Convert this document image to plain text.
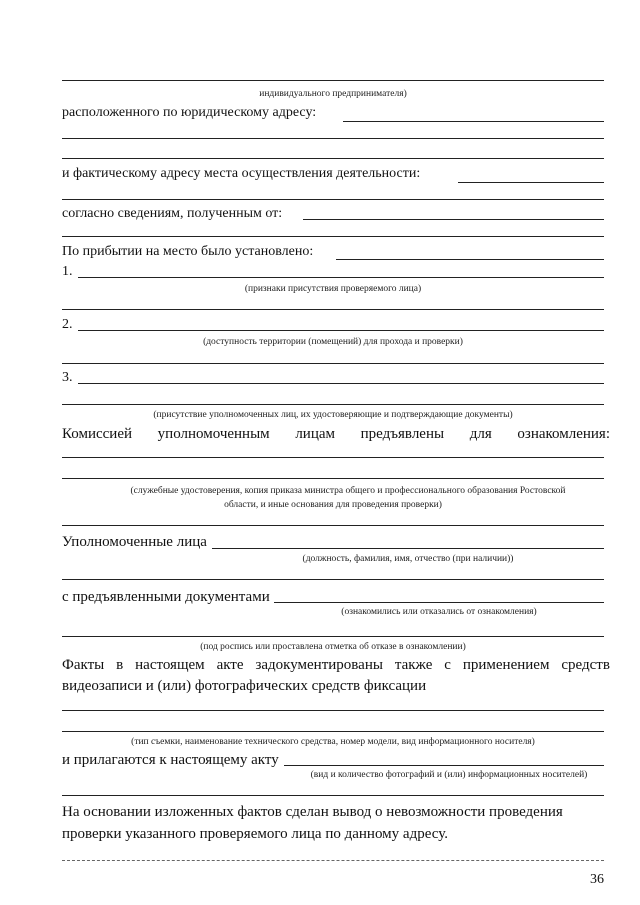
индивидуального предпринимателя)
расположенного по юридическому адресу:
и фактическому адресу места осуществления деятельности:
согласно сведениям, полученным от:
По прибытии на место было установлено:
1.
(признаки присутствия проверяемого лица)
2.
(доступность территории (помещений) для прохода и проверки)
3.
(присутствие уполномоченных лиц, их удостоверяющие и подтверждающие документы)
Комиссией уполномоченным лицам предъявлены для ознакомления:
(служебные удостоверения, копия приказа министра общего и профессионального образования Ростовской
области, и иные основания для проведения проверки)
Уполномоченные лица
(должность, фамилия, имя, отчество (при наличии))
с предъявленными документами
(ознакомились или отказались от ознакомления)
(под роспись или проставлена отметка об отказе в ознакомлении)
Факты в настоящем акте задокументированы также с применением средств
видеозаписи и (или) фотографических средств фиксации
(тип съемки, наименование технического средства, номер модели, вид информационного носителя)
и прилагаются к настоящему акту
(вид и количество фотографий и (или) информационных носителей)
На основании изложенных фактов сделан вывод о невозможности проведения
проверки указанного проверяемого лица по данному адресу.
36
